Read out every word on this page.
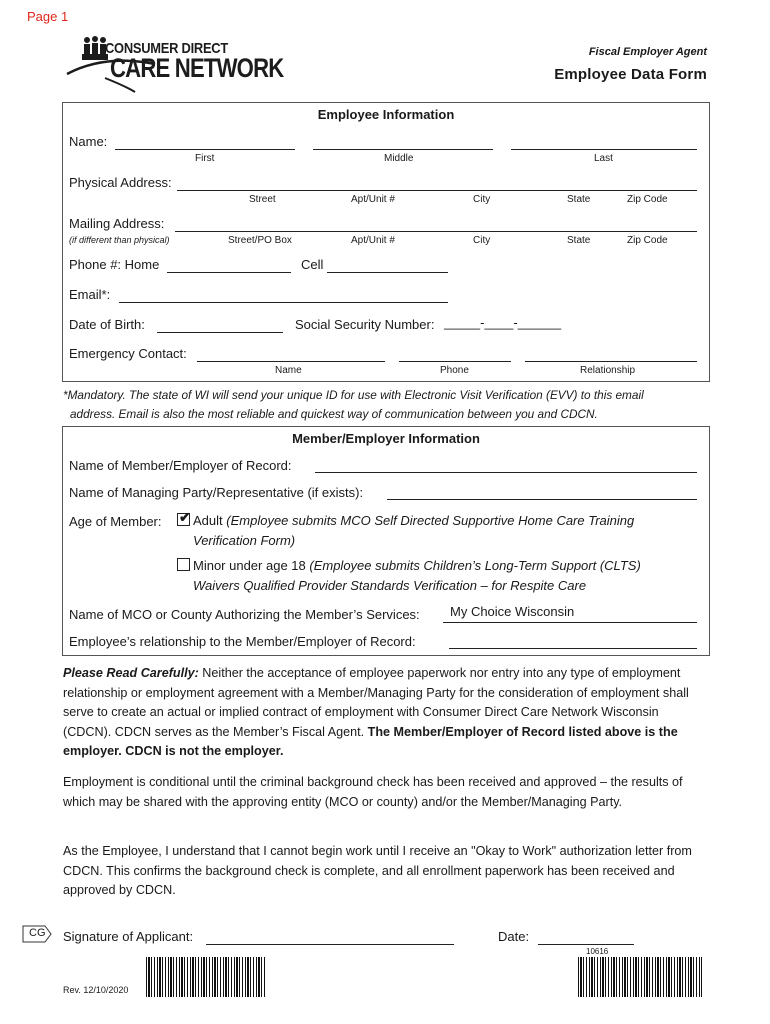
Page 1
CONSUMER DIRECT
CARE NETWORK
Fiscal Employer Agent
Employee Data Form
Employee Information
Name:
First	Middle	Last
Physical Address:
Street	Apt/Unit #	City	State	Zip Code
Mailing Address:
(if different than physical)	Street/PO Box	Apt/Unit #	City	State	Zip Code
Phone #: Home	Cell
Email*:
Date of Birth:	Social Security Number: _____-____-______
Emergency Contact:
Name	Phone	Relationship
*Mandatory. The state of WI will send your unique ID for use with Electronic Visit Verification (EVV) to this email
address. Email is also the most reliable and quickest way of communication between you and CDCN.
Member/Employer Information
Name of Member/Employer of Record:
Name of Managing Party/Representative (if exists):
Age of Member: ✔ Adult (Employee submits MCO Self Directed Supportive Home Care Training
Verification Form)
Minor under age 18 (Employee submits Children’s Long-Term Support (CLTS)
Waivers Qualified Provider Standards Verification – for Respite Care
Name of MCO or County Authorizing the Member’s Services: My Choice Wisconsin
Employee’s relationship to the Member/Employer of Record:
Please Read Carefully: Neither the acceptance of employee paperwork nor entry into any type of employment relationship or employment agreement with a Member/Managing Party for the consideration of employment shall serve to create an actual or implied contract of employment with Consumer Direct Care Network Wisconsin (CDCN). CDCN serves as the Member’s Fiscal Agent. The Member/Employer of Record listed above is the employer. CDCN is not the employer.
Employment is conditional until the criminal background check has been received and approved – the results of which may be shared with the approving entity (MCO or county) and/or the Member/Managing Party.
As the Employee, I understand that I cannot begin work until I receive an "Okay to Work" authorization letter from CDCN. This confirms the background check is complete, and all enrollment paperwork has been received and approved by CDCN.
CG Signature of Applicant:	Date:
10616
Rev. 12/10/2020
